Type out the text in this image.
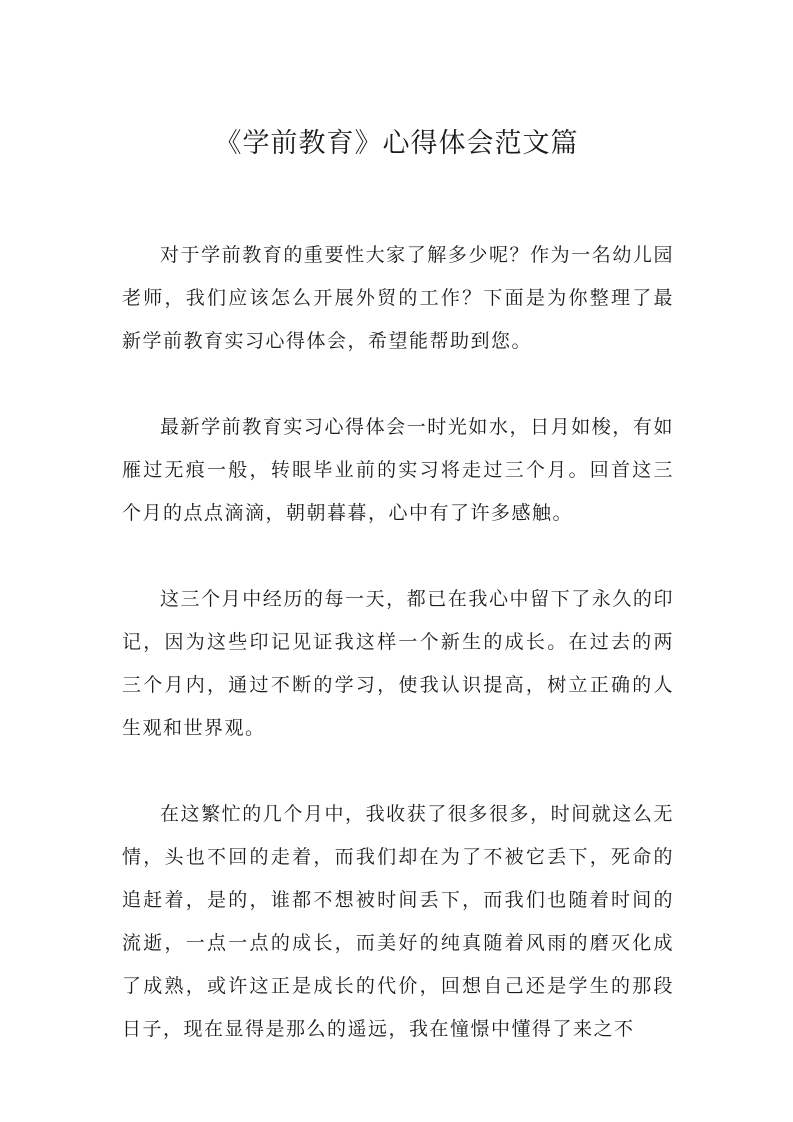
《学前教育》心得体会范文篇

对于学前教育的重要性大家了解多少呢？作为一名幼儿园老师，我们应该怎么开展外贸的工作？下面是为你整理了最新学前教育实习心得体会，希望能帮助到您。

最新学前教育实习心得体会一时光如水，日月如梭，有如雁过无痕一般，转眼毕业前的实习将走过三个月。回首这三个月的点点滴滴，朝朝暮暮，心中有了许多感触。

这三个月中经历的每一天，都已在我心中留下了永久的印记，因为这些印记见证我这样一个新生的成长。在过去的两三个月内，通过不断的学习，使我认识提高，树立正确的人生观和世界观。

在这繁忙的几个月中，我收获了很多很多，时间就这么无情，头也不回的走着，而我们却在为了不被它丢下，死命的追赶着，是的，谁都不想被时间丢下，而我们也随着时间的流逝，一点一点的成长，而美好的纯真随着风雨的磨灭化成了成熟，或许这正是成长的代价，回想自己还是学生的那段日子，现在显得是那么的遥远，我在憧憬中懂得了来之不
